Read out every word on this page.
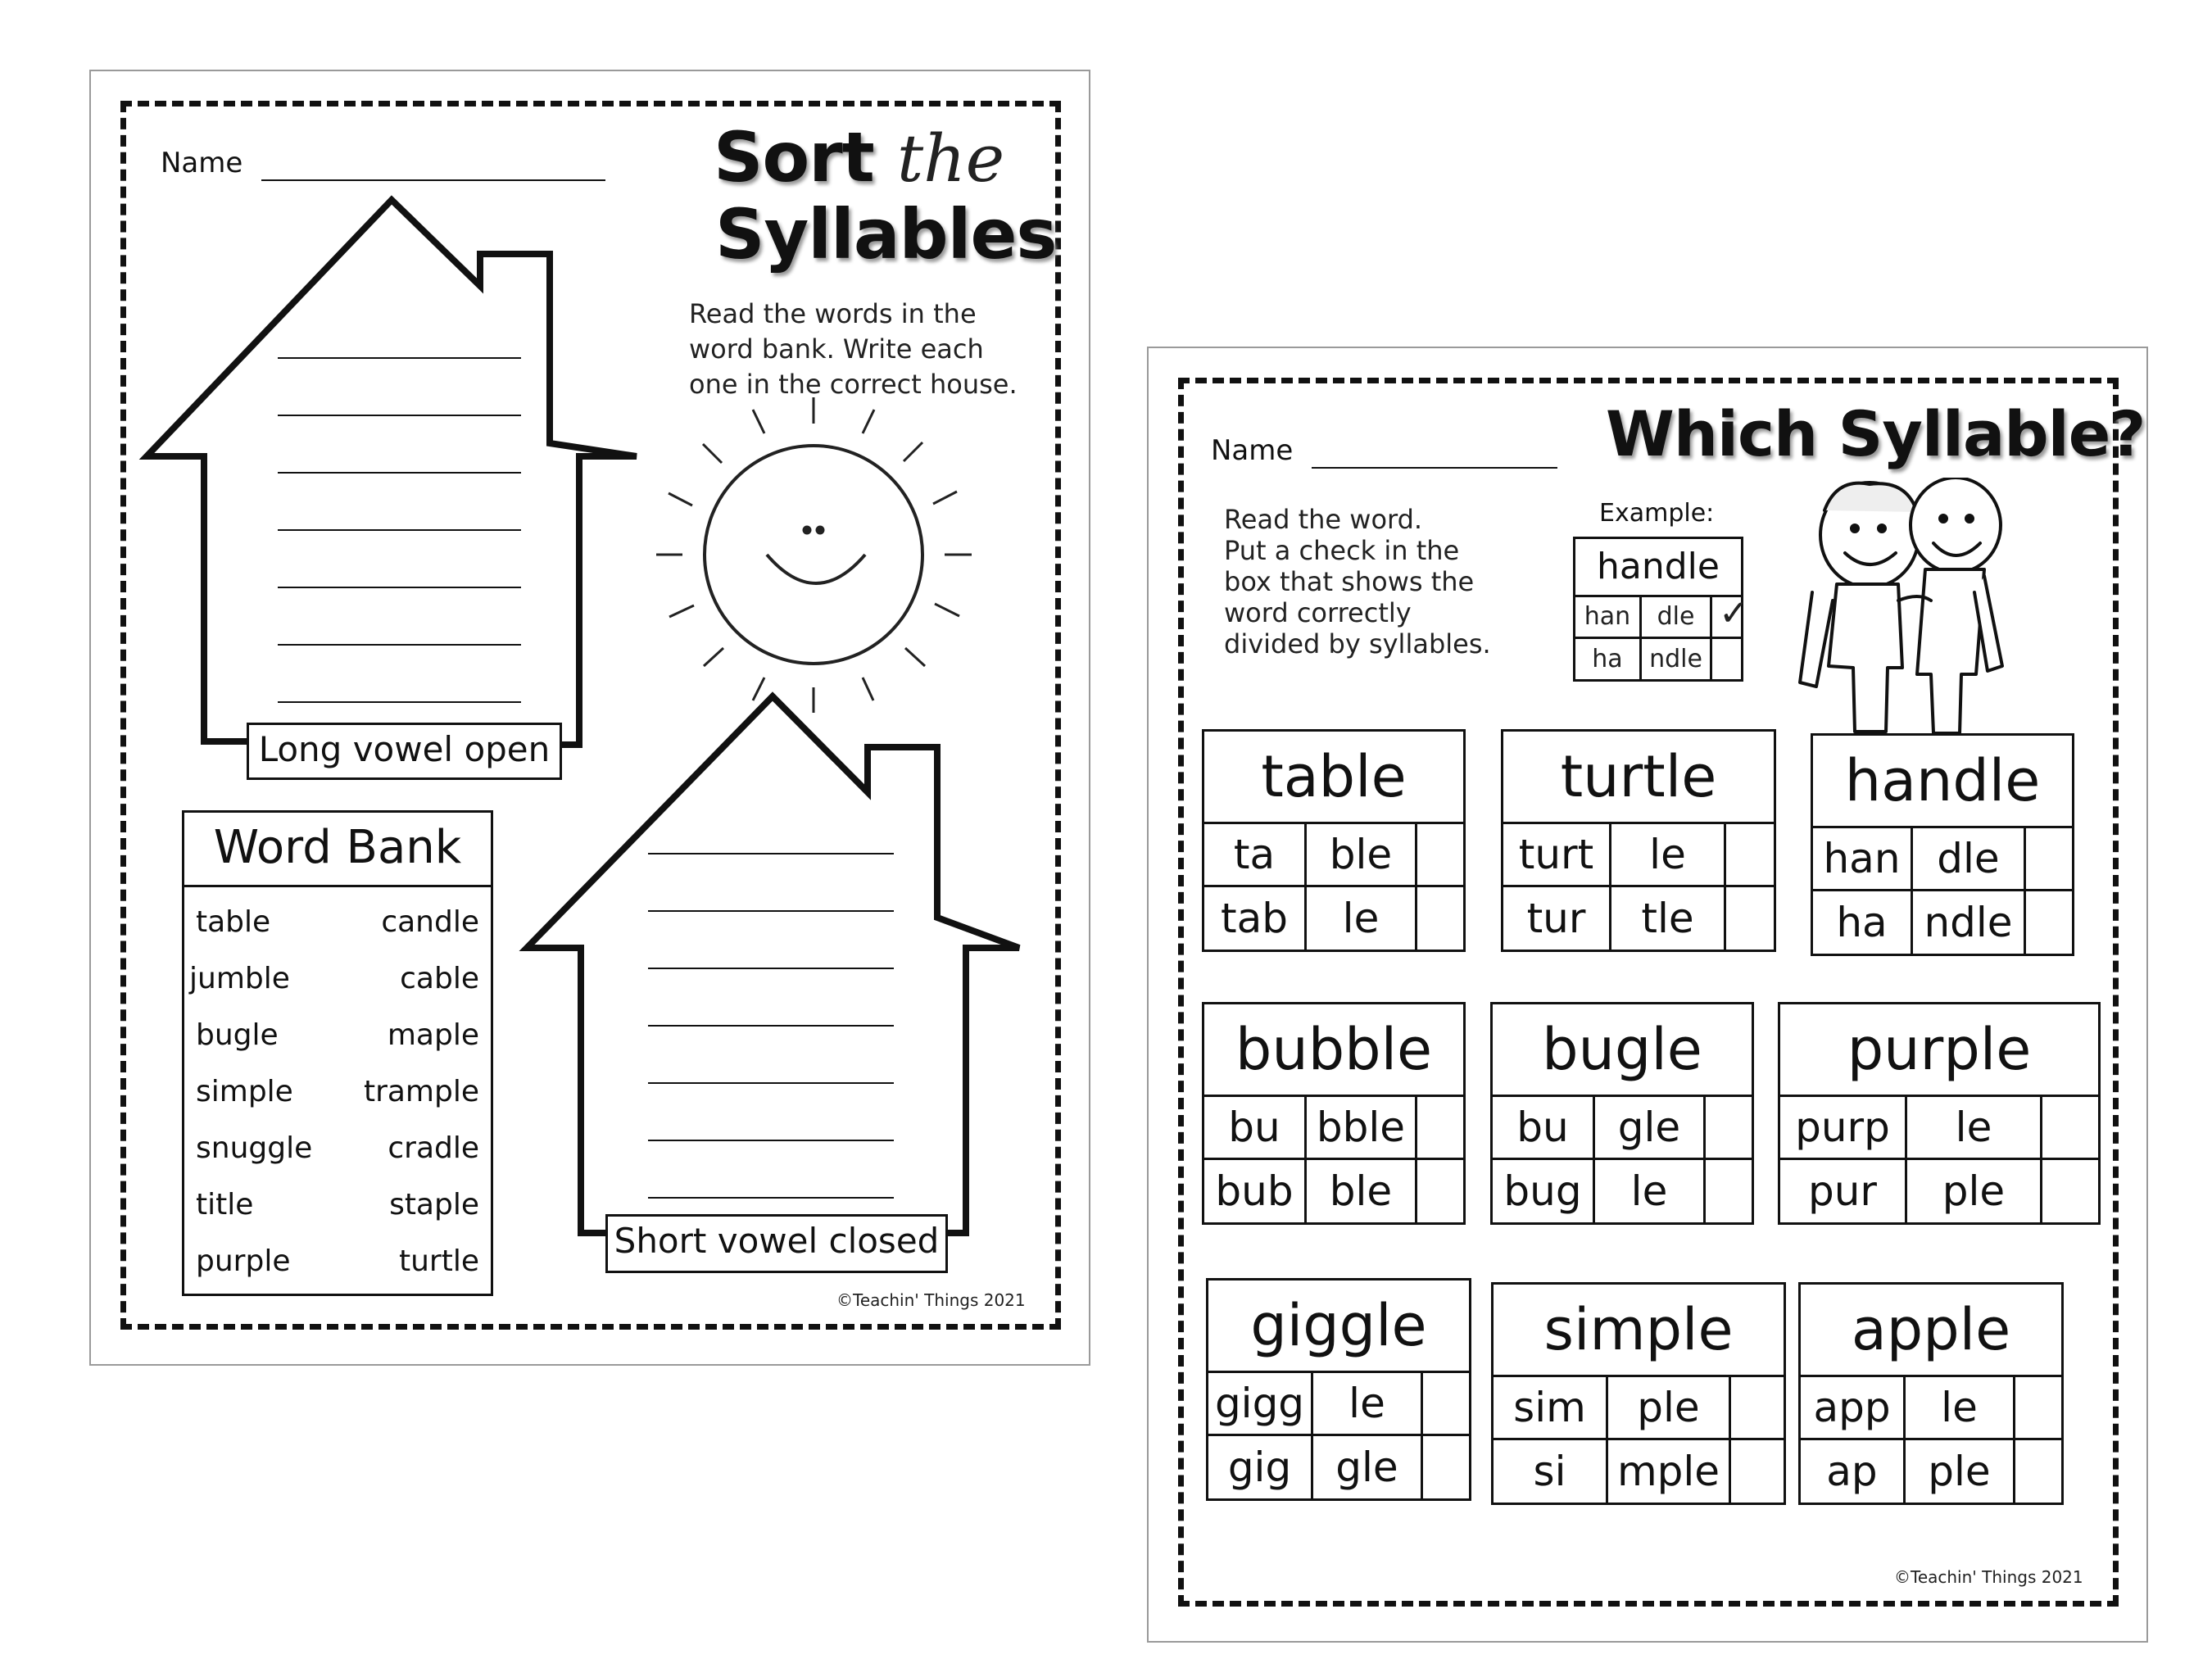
Name	Sort the
Syllables
Read the words in the
word bank. Write each
one in the correct house.
Long vowel open
Short vowel closed
Word Bank
table	candle
jumble	cable
bugle	maple
simple trample
snuggle	cradle
title	staple
purple	turtle
©Teachin' Things 2021
Name	Which Syllable?
Read the word.
Put a check in the
box that shows the
word correctly
divided by syllables.
Example:
handle
han	dle ✓
ha	ndle
table
ta	ble
tab	le
turtle
turt	le
tur	tle
handle
han dle
ha ndle
bubble
bu bble
bub ble
bugle
bu	gle
bug	le
purple
purp	le
pur	ple
giggle
gigg	le
gig	gle
simple
sim	ple
si	mple
apple
app	le
ap	ple
©Teachin' Things 2021
